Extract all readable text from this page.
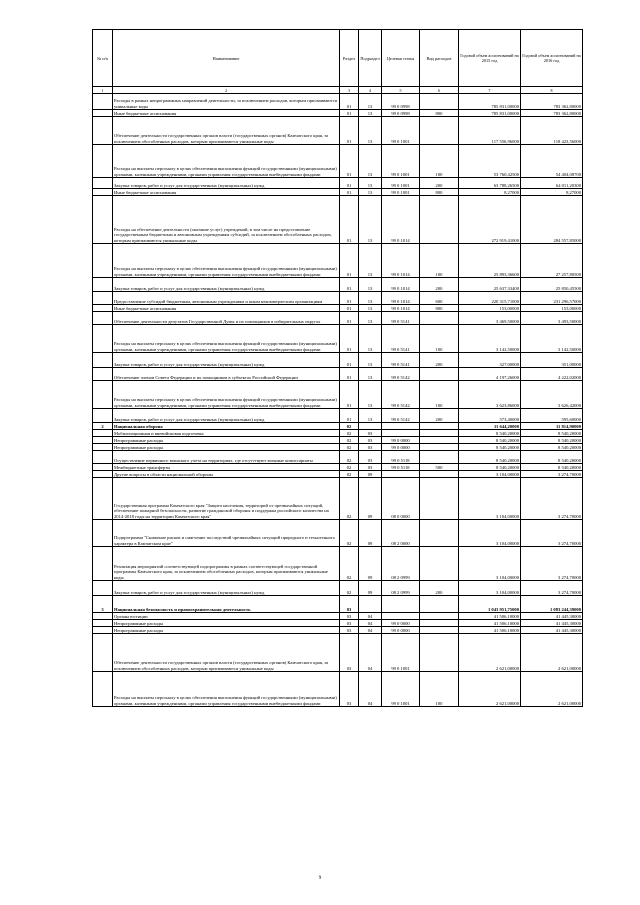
№ п/п	Наименование	Раздел	Подраздел	Целевая статья	Вид расходов	Годовой объем ассигнований на 2015 год	Годовой объем ассигнований на 2016 год
1	2	3	4	5	6	7	8
	Расходы в рамках непрограммных направлений деятельности, за исключением расходов, которым присваиваются уникальные коды	01	13	99 0 0998		785 831,00000	783 362,80000
	Иные бюджетные ассигнования	01	13	99 0 0998	800	785 831,00000	783 362,80000
	Обеспечение деятельности государственных органов власти (государственных органов) Камчатского края, за исключением обособленных расходов, которым присваиваются уникальные коды	01	13	99 0 1001		117 556,96000	118 423,56000
	Расходы на выплаты персоналу в целях обеспечения выполнения функций государственными (муниципальными) органами, казенными учреждениями, органами управления государственными внебюджетными фондами	01	13	99 0 1001	100	53 760,42500	54 404,08700
	Закупка товаров, работ и услуг для государственных (муниципальных) нужд	01	13	99 0 1001	200	63 788,26500	64 011,20300
	Иные бюджетные ассигнования	01	13	99 0 1001	800	8,27000	8,27000
	Расходы на обеспечение деятельности (оказание услуг) учреждений, в том числе на предоставление государственным бюджетным и автономным учреждениям субсидий, за исключением обособленных расходов, которым присваиваются уникальные коды	01	13	99 0 1014		272 919,41000	284 557,85000
	Расходы на выплаты персоналу в целях обеспечения выполнения функций государственными (муниципальными) органами, казенными учреждениями, органами управления государственными внебюджетными фондами	01	13	99 0 1014	100	25 893,36600	27 257,80500
	Закупка товаров, работ и услуг для государственных (муниципальных) нужд	01	13	99 0 1014	200	25 637,33400	25 850,45500
	Предоставление субсидий бюджетным, автономным учреждениям и иным некоммерческим организациям	01	13	99 0 1014	600	220 315,71000	231 296,57000
	Иные бюджетные ассигнования	01	13	99 0 1014	800	153,00000	153,00000
	Обеспечение деятельности депутатов Государственной Думы и их помощников в избирательных округах	01	13	99 0 5141		3 469,50000	3 493,50000
	Расходы на выплаты персоналу в целях обеспечения выполнения функций государственными (муниципальными) органами, казенными учреждениями, органами управления государственными внебюджетными фондами	01	13	99 0 5141	100	3 142,50000	3 142,50000
	Закупка товаров, работ и услуг для государственных (муниципальных) нужд	01	13	99 0 5141	200	327,00000	351,00000
	Обеспечение членов Совета Федерации и их помощников в субъектах Российской Федерации	01	13	99 0 5142		4 197,26000	4 222,02000
	Расходы на выплаты персоналу в целях обеспечения выполнения функций государственными (муниципальными) органами, казенными учреждениями, органами управления государственными внебюджетными фондами	01	13	99 0 5142	100	3 623,86000	3 626,42000
	Закупка товаров, работ и услуг для государственных (муниципальных) нужд	01	13	99 0 5142	200	573,40000	595,60000
2	Национальная оборона	02				11 644,20000	11 814,90000
	Мобилизационная и вневойсковая подготовка	02	03			8 540,20000	8 540,20000
	Непрограммные расходы	02	03	99 0 0000		8 540,20000	8 540,20000
	Непрограммные расходы	02	03	99 0 0000		8 540,20000	8 540,20000
	Осуществление первичного воинского учета на территориях, где отсутствуют военные комиссариаты	02	03	99 0 5118		8 540,20000	8 540,20000
	Межбюджетные трансферты	02	03	99 0 5118	500	8 540,20000	8 540,20000
	Другие вопросы в области национальной обороны	02	09			3 104,00000	3 274,70000
	Государственная программа Камчатского края "Защита населения, территорий от чрезвычайных ситуаций, обеспечение пожарной безопасности, развитие гражданской обороны и поддержка российского казачества на 2014-2018 годы на территории Камчатского края"	02	09	08 0 0000		3 104,00000	3 274,70000
	Подпрограмма "Снижение рисков и смягчение последствий чрезвычайных ситуаций природного и техногенного характера в Камчатском крае"	02	09	08 2 0000		3 104,00000	3 274,70000
	Реализация мероприятий соответствующей подпрограммы в рамках соответствующей государственной программы Камчатского края, за исключением обособленных расходов, которым присваиваются уникальные коды	02	09	08 2 0999		3 104,00000	3 274,70000
	Закупка товаров, работ и услуг для государственных (муниципальных) нужд	02	09	08 2 0999	200	3 104,00000	3 274,70000
3	Национальная безопасность и правоохранительная деятельность	03				1 043 951,75000	1 083 244,39000
	Органы юстиции	03	04			41 506,10000	41 445,30000
	Непрограммные расходы	03	04	99 0 0000		41 506,10000	41 445,30000
	Непрограммные расходы	03	04	99 0 0000		41 506,10000	41 445,30000
	Обеспечение деятельности государственных органов власти (государственных органов) Камчатского края, за исключением обособленных расходов, которым присваиваются уникальные коды	03	04	99 0 1001		2 621,00000	2 621,00000
	Расходы на выплаты персоналу в целях обеспечения выполнения функций государственными (муниципальными) органами, казенными учреждениями, органами управления государственными внебюджетными фондами	03	04	99 0 1001	100	2 621,00000	2 621,00000
9
